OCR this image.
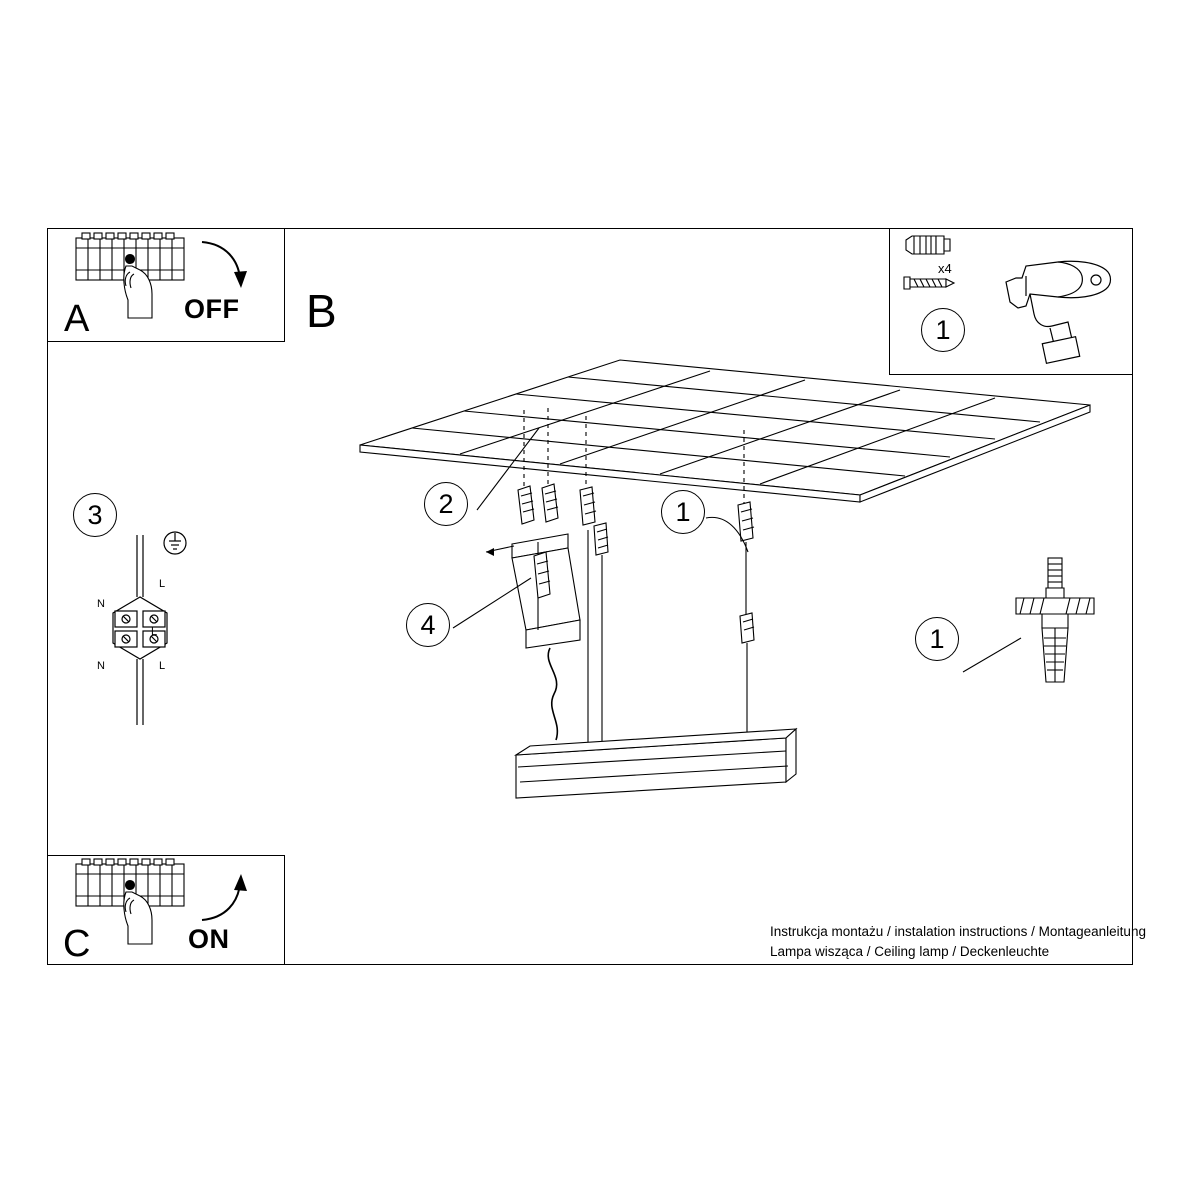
A	OFF
C	ON
1
x4
1
3
N
L
N	L
L
B
2
4
1
Instrukcja montażu / instalation instructions / Montageanleitung
Lampa wisząca / Ceiling lamp / Deckenleuchte
